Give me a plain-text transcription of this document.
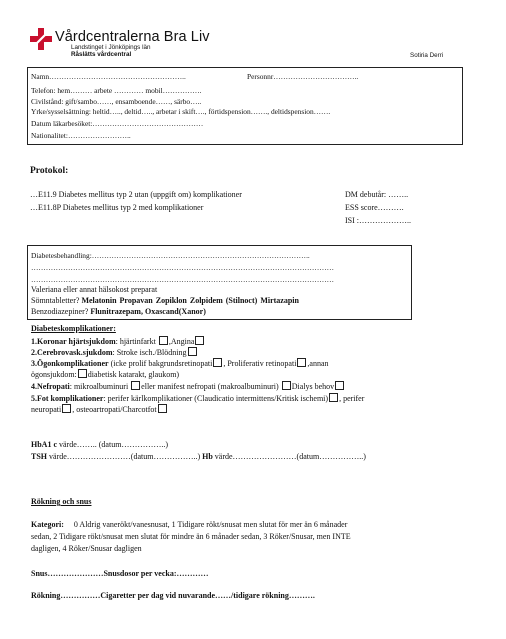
Vårdcentralerna Bra Liv
Landstinget i Jönköpings län
Råslätts vårdcentral	Sotiria Derri
Namn………………………………………………..	Personnr……………………………..
Telefon: hem……… arbete ………… mobil…………….
Civilstånd: gift/sambo……, ensamboende……, särbo…..
Yrke/sysselsättning: heltid….., deltid….., arbetar i skift…., förtidspension……., deltidspension…….
Datum läkarbesöket:………………………………………
Nationalitet:……………………..
Protokol:
…E11.9 Diabetes mellitus typ 2 utan (uppgift om) komplikationer
…E11.8P Diabetes mellitus typ 2 med komplikationer
DM debutår: ……..
ESS score……….
ISI :………………..
Diabetesbehandling:……………………………………………………………………………..
……………………………………………………………………………………………………………
……………………………………………………………………………………………………………
Valeriana eller annat hälsokost preparat
Sömntabletter? Melatonin Propavan Zopiklon Zolpidem (Stilnoct) Mirtazapin
Benzodiazepiner? Flunitrazepam, Oxascand(Xanor)
Diabeteskomplikationer:
1.Koronar hjärtsjukdom: hjärtinfarkt ,Angina
2.Cerebrovask.sjukdom: Stroke isch./Blödning
3.Ögonkomplikationer (icke prolif bakgrundsretinopati , Proliferativ retinopati ,annan
ögonsjukdom: diabetisk katarakt, glaukom)
4.Nefropati: mikroalbuminuri eller manifest nefropati (makroalbuminuri) Dialys behov
5.Fot komplikationer: perifer kärlkomplikationer (Claudicatio intermittens/Kritisk ischemi) , perifer
neuropati , osteoartropati/Charcotfot
HbA1 c värde…….. (datum……………..)
TSH värde……………………(datum……………..) Hb värde……………………(datum……………..)
Rökning och snus
Kategori: 0 Aldrig vanerökt/vanesnusat, 1 Tidigare rökt/snusat men slutat för mer än 6 månader
sedan, 2 Tidigare rökt/snusat men slutat för mindre än 6 månader sedan, 3 Röker/Snusar, men INTE
dagligen, 4 Röker/Snusar dagligen
Snus…………………Snusdosor per vecka:…………
Rökning……………Cigaretter per dag vid nuvarande……/tidigare rökning……….
